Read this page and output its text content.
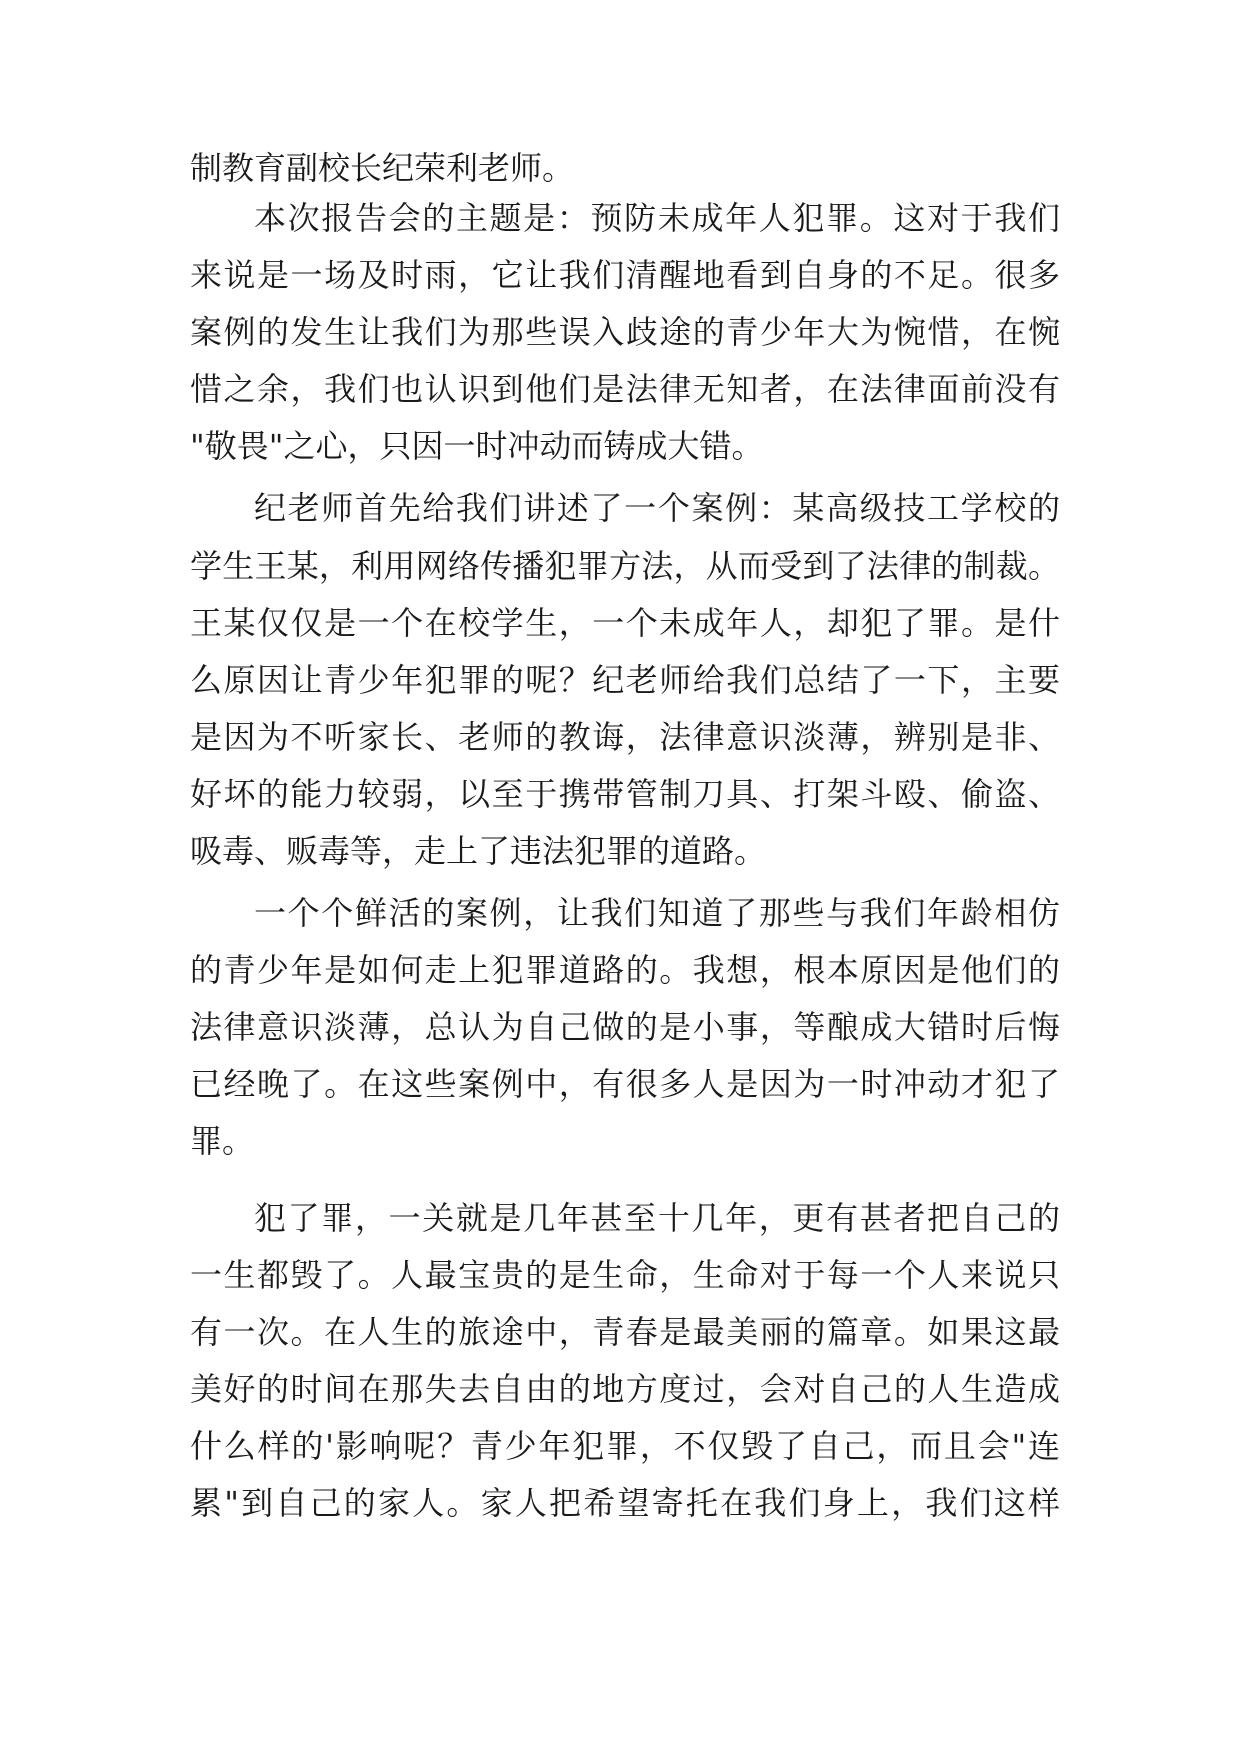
制教育副校长纪荣利老师。
本次报告会的主题是：预防未成年人犯罪。这对于我们
来说是一场及时雨，它让我们清醒地看到自身的不足。很多
案例的发生让我们为那些误入歧途的青少年大为惋惜，在惋
惜之余，我们也认识到他们是法律无知者，在法律面前没有
"敬畏"之心，只因一时冲动而铸成大错。
纪老师首先给我们讲述了一个案例：某高级技工学校的
学生王某，利用网络传播犯罪方法，从而受到了法律的制裁。
王某仅仅是一个在校学生，一个未成年人，却犯了罪。是什
么原因让青少年犯罪的呢？纪老师给我们总结了一下，主要
是因为不听家长、老师的教诲，法律意识淡薄，辨别是非、
好坏的能力较弱，以至于携带管制刀具、打架斗殴、偷盗、
吸毒、贩毒等，走上了违法犯罪的道路。
一个个鲜活的案例，让我们知道了那些与我们年龄相仿
的青少年是如何走上犯罪道路的。我想，根本原因是他们的
法律意识淡薄，总认为自己做的是小事，等酿成大错时后悔
已经晚了。在这些案例中，有很多人是因为一时冲动才犯了
罪。
犯了罪，一关就是几年甚至十几年，更有甚者把自己的
一生都毁了。人最宝贵的是生命，生命对于每一个人来说只
有一次。在人生的旅途中，青春是最美丽的篇章。如果这最
美好的时间在那失去自由的地方度过，会对自己的人生造成
什么样的'影响呢？青少年犯罪，不仅毁了自己，而且会"连
累"到自己的家人。家人把希望寄托在我们身上，我们这样
